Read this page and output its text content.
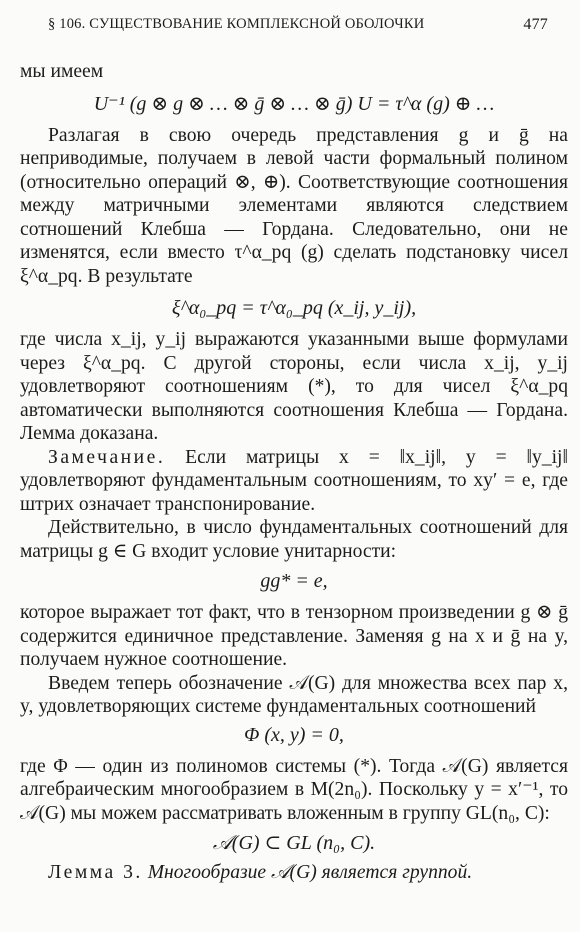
§ 106. СУЩЕСТВОВАНИЕ КОМПЛЕКСНОЙ ОБОЛОЧКИ	477

мы имеем

U⁻¹ (g ⊗ g ⊗ … ⊗ ḡ ⊗ … ⊗ ḡ) U = τ^α (g) ⊕ …

Разлагая в свою очередь представления g и ḡ на неприводимые, получаем в левой части формальный полином (относительно операций ⊗, ⊕). Соответствующие соотношения между матричными элементами являются следствием сотношений Клебша — Гордана. Следовательно, они не изменятся, если вместо τ^α_pq (g) сделать подстановку чисел ξ^α_pq. В результате

ξ^α₀_pq = τ^α₀_pq (x_ij, y_ij),

где числа x_ij, y_ij выражаются указанными выше формулами через ξ^α_pq. С другой стороны, если числа x_ij, y_ij удовлетворяют соотношениям (*), то для чисел ξ^α_pq автоматически выполняются соотношения Клебша — Гордана. Лемма доказана.

Замечание. Если матрицы x = ‖x_ij‖, y = ‖y_ij‖ удовлетворяют фундаментальным соотношениям, то xy′ = e, где штрих означает транспонирование.

Действительно, в число фундаментальных соотношений для матрицы g ∈ G входит условие унитарности:

gg* = e,

которое выражает тот факт, что в тензорном произведении g ⊗ ḡ содержится единичное представление. Заменяя g на x и ḡ на y, получаем нужное соотношение.

Введем теперь обозначение 𝒜(G) для множества всех пар x, y, удовлетворяющих системе фундаментальных соотношений

Φ (x, y) = 0,

где Φ — один из полиномов системы (*). Тогда 𝒜(G) является алгебраическим многообразием в M(2n₀). Поскольку y = x′⁻¹, то 𝒜(G) мы можем рассматривать вложенным в группу GL(n₀, C):

𝒜(G) ⊂ GL (n₀, C).

Лемма 3. Многообразие 𝒜(G) является группой.
